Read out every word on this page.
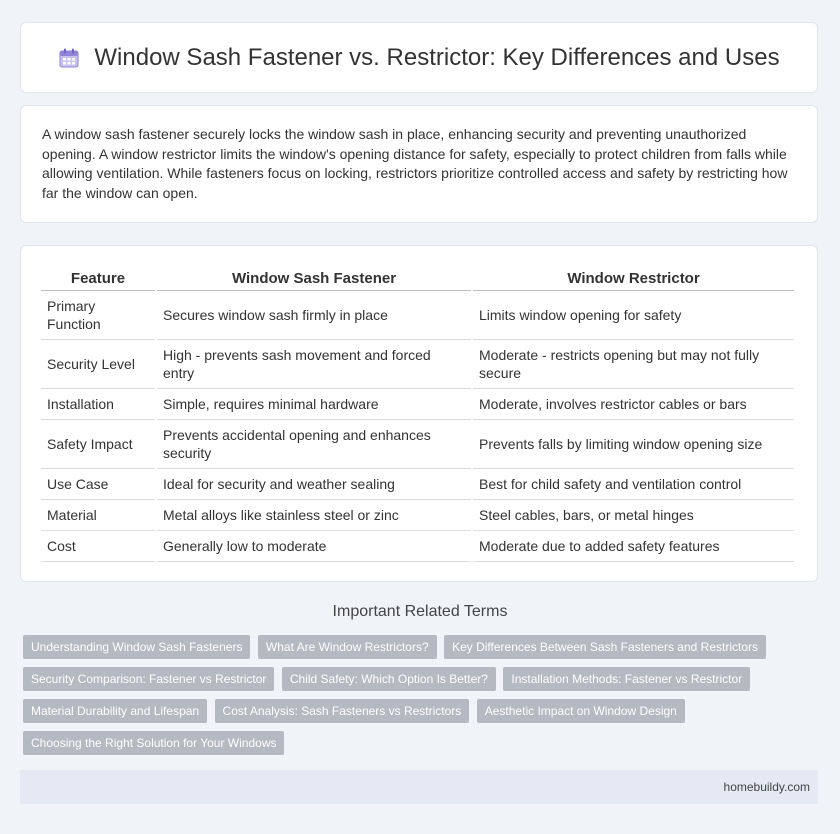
Window Sash Fastener vs. Restrictor: Key Differences and Uses

A window sash fastener securely locks the window sash in place, enhancing security and preventing unauthorized opening. A window restrictor limits the window's opening distance for safety, especially to protect children from falls while allowing ventilation. While fasteners focus on locking, restrictors prioritize controlled access and safety by restricting how far the window can open.

Feature	Window Sash Fastener	Window Restrictor
Primary Function	Secures window sash firmly in place	Limits window opening for safety
Security Level	High - prevents sash movement and forced entry	Moderate - restricts opening but may not fully secure
Installation	Simple, requires minimal hardware	Moderate, involves restrictor cables or bars
Safety Impact	Prevents accidental opening and enhances security	Prevents falls by limiting window opening size
Use Case	Ideal for security and weather sealing	Best for child safety and ventilation control
Material	Metal alloys like stainless steel or zinc	Steel cables, bars, or metal hinges
Cost	Generally low to moderate	Moderate due to added safety features
Important Related Terms
Understanding Window Sash Fasteners What Are Window Restrictors? Key Differences Between Sash Fasteners and Restrictors Security Comparison: Fastener vs Restrictor Child Safety: Which Option Is Better? Installation Methods: Fastener vs Restrictor Material Durability and Lifespan Cost Analysis: Sash Fasteners vs Restrictors Aesthetic Impact on Window Design Choosing the Right Solution for Your Windows
homebuildy.com
